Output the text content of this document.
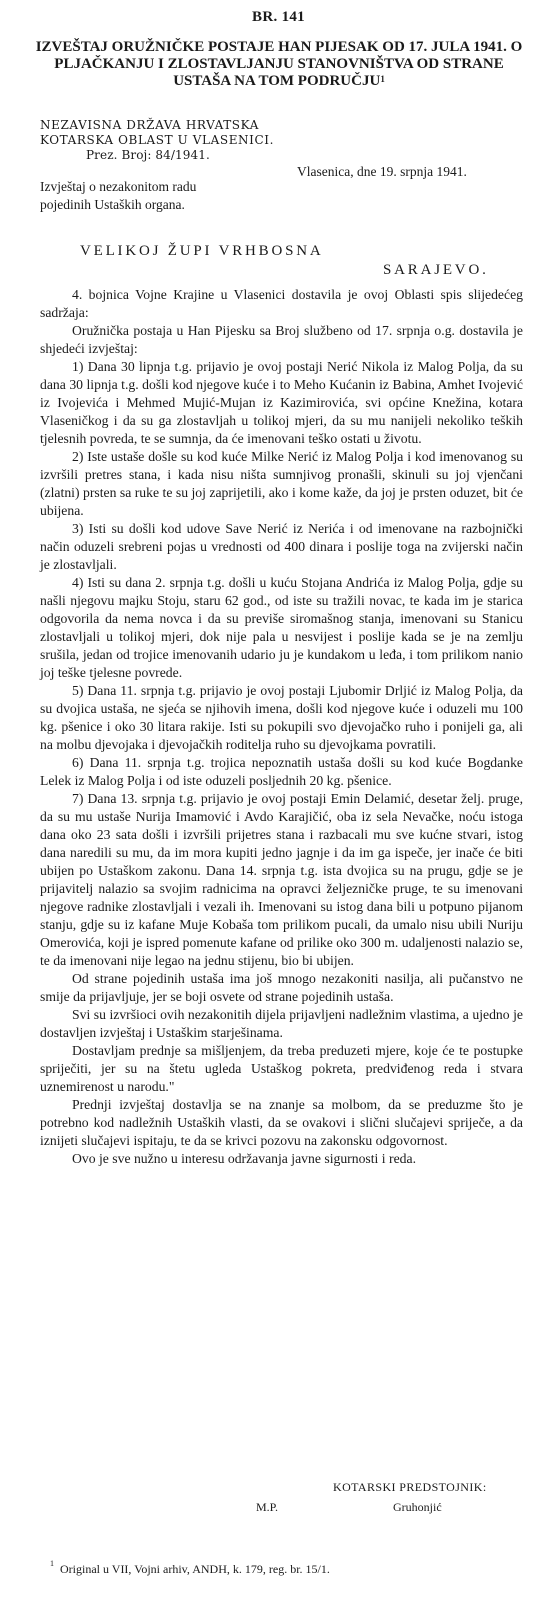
BR. 141
IZVEŠTAJ ORUŽNIČKE POSTAJE HAN PIJESAK OD 17. JULA 1941. O PLJAČKANJU I ZLOSTAVLJANJU STANOVNIŠTVA OD STRANE USTAŠA NA TOM PODRUČJU$^1$
NEZAVISNA DRŽAVA HRVATSKA
KOTARSKA OBLAST U VLASENICI.
Prez. Broj: 84/1941.
Vlasenica, dne 19. srpnja 1941.
Izvještaj o nezakonitom radu
pojedinih Ustaških organa.
VELIKOJ ŽUPI VRHBOSNA
SARAJEVO.

4. bojnica Vojne Krajine u Vlasenici dostavila je ovoj Oblasti spis slijedećeg sadržaja:

Oružnička postaja u Han Pijesku sa Broj službeno od 17. srpnja o.g. dostavila je shjedeći izvještaj:

1) Dana 30 lipnja t.g. prijavio je ovoj postaji Nerić Nikola iz Malog Polja, da su dana 30 lipnja t.g. došli kod njegove kuće i to Meho Kućanin iz Babina, Amhet Ivojević iz Ivojevića i Mehmed Mujić-Mujan iz Kazimirovića, svi općine Knežina, kotara Vlaseničkog i da su ga zlostavljah u tolikoj mjeri, da su mu nanijeli nekoliko teških tjelesnih povreda, te se sumnja, da će imenovani teško ostati u životu.

2) Iste ustaše došle su kod kuće Milke Nerić iz Malog Polja i kod imenovanog su izvršili pretres stana, i kada nisu ništa sumnjivog pronašli, skinuli su joj vjenčani (zlatni) prsten sa ruke te su joj zaprijetili, ako i kome kaže, da joj je prsten oduzet, bit će ubijena.

3) Isti su došli kod udove Save Nerić iz Nerića i od imenovane na razbojnički način oduzeli srebreni pojas u vrednosti od 400 dinara i poslije toga na zvijerski način je zlostavljali.

4) Isti su dana 2. srpnja t.g. došli u kuću Stojana Andrića iz Malog Polja, gdje su našli njegovu majku Stoju, staru 62 god., od iste su tražili novac, te kada im je starica odgovorila da nema novca i da su previše siromašnog stanja, imenovani su Stanicu zlostavljali u tolikoj mjeri, dok nije pala u nesvijest i poslije kada se je na zemlju srušila, jedan od trojice imenovanih udario ju je kundakom u leđa, i tom prilikom nanio joj teške tjelesne povrede.

5) Dana 11. srpnja t.g. prijavio je ovoj postaji Ljubomir Drljić iz Malog Polja, da su dvojica ustaša, ne sjeća se njihovih imena, došli kod njegove kuće i oduzeli mu 100 kg. pšenice i oko 30 litara rakije. Isti su pokupili svo djevojačko ruho i ponijeli ga, ali na molbu djevojaka i djevojačkih roditelja ruho su djevojkama povratili.

6) Dana 11. srpnja t.g. trojica nepoznatih ustaša došli su kod kuće Bogdanke Lelek iz Malog Polja i od iste oduzeli posljednih 20 kg. pšenice.

7) Dana 13. srpnja t.g. prijavio je ovoj postaji Emin Delamić, desetar želj. pruge, da su mu ustaše Nurija Imamović i Avdo Karajičić, oba iz sela Nevačke, noću istoga dana oko 23 sata došli i izvršili prijetres stana i razbacali mu sve kućne stvari, istog dana naredili su mu, da im mora kupiti jedno jagnje i da im ga ispeče, jer inače će biti ubijen po Ustaškom zakonu. Dana 14. srpnja t.g. ista dvojica su na prugu, gdje se je prijavitelj nalazio sa svojim radnicima na opravci željezničke pruge, te su imenovani njegove radnike zlostavljali i vezali ih. Imenovani su istog dana bili u potpuno pijanom stanju, gdje su iz kafane Muje Kobaša tom prilikom pucali, da umalo nisu ubili Nuriju Omerovića, koji je ispred pomenute kafane od prilike oko 300 m. udaljenosti nalazio se, te da imenovani nije legao na jednu stijenu, bio bi ubijen.

Od strane pojedinih ustaša ima još mnogo nezakoniti nasilja, ali pučanstvo ne smije da prijavljuje, jer se boji osvete od strane pojedinih ustaša.

Svi su izvršioci ovih nezakonitih dijela prijavljeni nadležnim vlastima, a ujedno je dostavljen izvještaj i Ustaškim starješinama.

Dostavljam prednje sa mišljenjem, da treba preduzeti mjere, koje će te postupke spriječiti, jer su na štetu ugleda Ustaškog pokreta, predviđenog reda i stvara uznemirenost u narodu."

Prednji izvještaj dostavlja se na znanje sa molbom, da se preduzme što je potrebno kod nadležnih Ustaških vlasti, da se ovakovi i slični slučajevi spriječe, a da iznijeti slučajevi ispitaju, te da se krivci pozovu na zakonsku odgovornost.

Ovo je sve nužno u interesu održavanja javne sigurnosti i reda.

KOTARSKI PREDSTOJNIK:
M.P.	Gruhonjić
$^1$ Original u VII, Vojni arhiv, ANDH, k. 179, reg. br. 15/1.
